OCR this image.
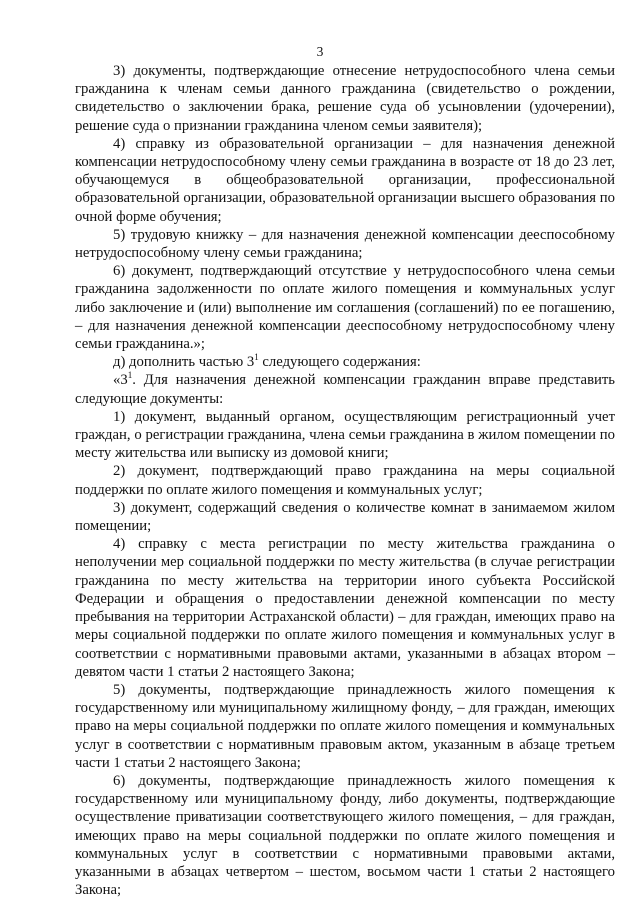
3

3) документы, подтверждающие отнесение нетрудоспособного члена семьи гражданина к членам семьи данного гражданина (свидетельство о рождении, свидетельство о заключении брака, решение суда об усыновлении (удочерении), решение суда о признании гражданина членом семьи заявителя);

4) справку из образовательной организации – для назначения денежной компенсации нетрудоспособному члену семьи гражданина в возрасте от 18 до 23 лет, обучающемуся в общеобразовательной организации, профессиональной образовательной организации, образовательной организации высшего образования по очной форме обучения;

5) трудовую книжку – для назначения денежной компенсации дееспособному нетрудоспособному члену семьи гражданина;

6) документ, подтверждающий отсутствие у нетрудоспособного члена семьи гражданина задолженности по оплате жилого помещения и коммунальных услуг либо заключение и (или) выполнение им соглашения (соглашений) по ее погашению, – для назначения денежной компенсации дееспособному нетрудоспособному члену семьи гражданина.»;

д) дополнить частью $3^1$ следующего содержания:

«$3^1$. Для назначения денежной компенсации гражданин вправе представить следующие документы:

1) документ, выданный органом, осуществляющим регистрационный учет граждан, о регистрации гражданина, члена семьи гражданина в жилом помещении по месту жительства или выписку из домовой книги;

2) документ, подтверждающий право гражданина на меры социальной поддержки по оплате жилого помещения и коммунальных услуг;

3) документ, содержащий сведения о количестве комнат в занимаемом жилом помещении;

4) справку с места регистрации по месту жительства гражданина о неполучении мер социальной поддержки по месту жительства (в случае регистрации гражданина по месту жительства на территории иного субъекта Российской Федерации и обращения о предоставлении денежной компенсации по месту пребывания на территории Астраханской области) – для граждан, имеющих право на меры социальной поддержки по оплате жилого помещения и коммунальных услуг в соответствии с нормативными правовыми актами, указанными в абзацах втором – девятом части 1 статьи 2 настоящего Закона;

5) документы, подтверждающие принадлежность жилого помещения к государственному или муниципальному жилищному фонду, – для граждан, имеющих право на меры социальной поддержки по оплате жилого помещения и коммунальных услуг в соответствии с нормативным правовым актом, указанным в абзаце третьем части 1 статьи 2 настоящего Закона;

6) документы, подтверждающие принадлежность жилого помещения к государственному или муниципальному фонду, либо документы, подтверждающие осуществление приватизации соответствующего жилого помещения, – для граждан, имеющих право на меры социальной поддержки по оплате жилого помещения и коммунальных услуг в соответствии с нормативными правовыми актами, указанными в абзацах четвертом – шестом, восьмом части 1 статьи 2 настоящего Закона;
